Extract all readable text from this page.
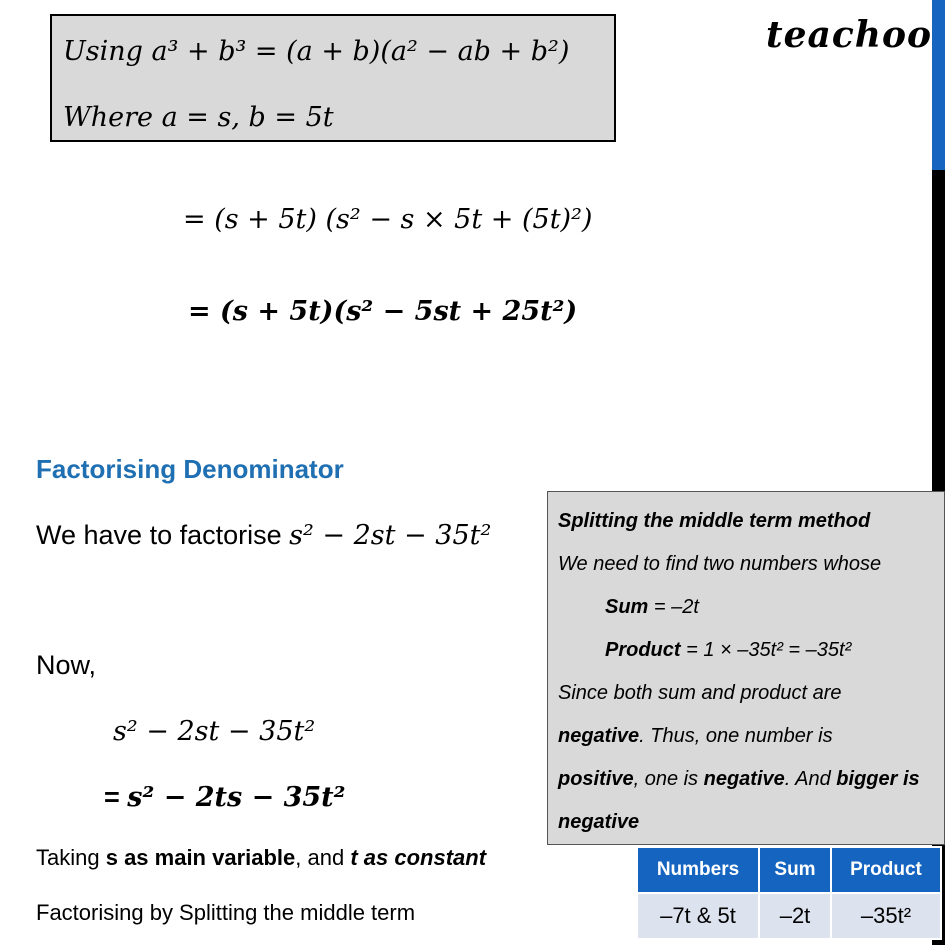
Using a³ + b³ = (a + b)(a² − ab + b²)
Where a = s, b = 5t
teachoo
= (s + 5t) (s² − s × 5t + (5t)²)
= (s + 5t)(s² − 5st + 25t²)
Factorising Denominator
We have to factorise s² − 2st − 35t²
Now,
s² − 2st − 35t²
= s² − 2ts − 35t²
Taking s as main variable, and t as constant
Factorising by Splitting the middle term
Splitting the middle term method
We need to find two numbers whose
Sum = –2t
Product = 1 × –35t² = –35t²
Since both sum and product are
negative. Thus, one number is
positive, one is negative. And bigger is
negative
Numbers	Sum	Product
–7t & 5t	–2t	–35t²
